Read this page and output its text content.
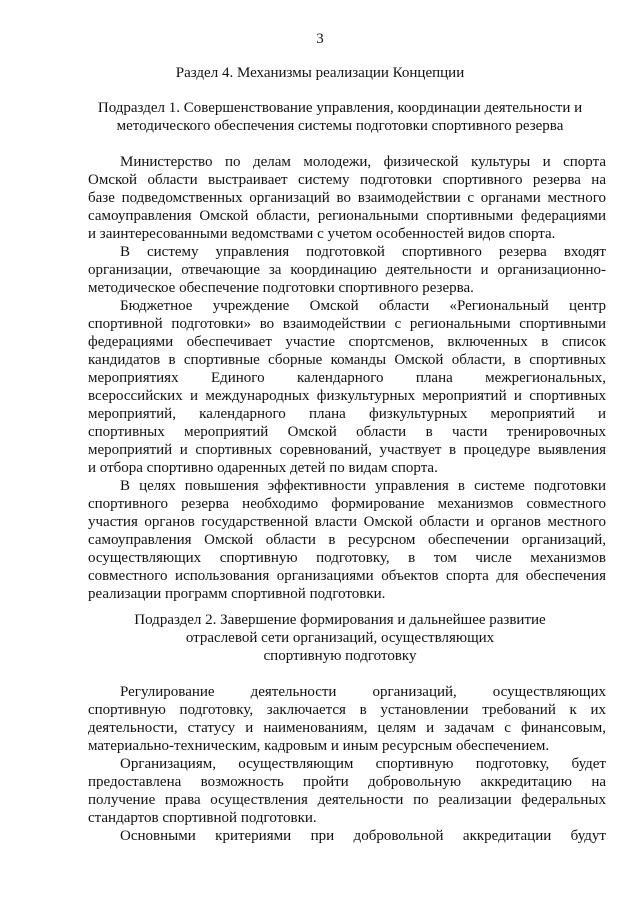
3
Раздел 4. Механизмы реализации Концепции
Подраздел 1. Совершенствование управления, координации деятельности и
методического обеспечения системы подготовки спортивного резерва
Министерство по делам молодежи, физической культуры и спорта
Омской области выстраивает систему подготовки спортивного резерва на
базе подведомственных организаций во взаимодействии с органами местного
самоуправления Омской области, региональными спортивными федерациями
и заинтересованными ведомствами с учетом особенностей видов спорта.
В систему управления подготовкой спортивного резерва входят
организации, отвечающие за координацию деятельности и организационно-
методическое обеспечение подготовки спортивного резерва.
Бюджетное учреждение Омской области «Региональный центр
спортивной подготовки» во взаимодействии с региональными спортивными
федерациями обеспечивает участие спортсменов, включенных в список
кандидатов в спортивные сборные команды Омской области, в спортивных
мероприятиях Единого календарного плана межрегиональных,
всероссийских и международных физкультурных мероприятий и спортивных
мероприятий, календарного плана физкультурных мероприятий и
спортивных мероприятий Омской области в части тренировочных
мероприятий и спортивных соревнований, участвует в процедуре выявления
и отбора спортивно одаренных детей по видам спорта.
В целях повышения эффективности управления в системе подготовки
спортивного резерва необходимо формирование механизмов совместного
участия органов государственной власти Омской области и органов местного
самоуправления Омской области в ресурсном обеспечении организаций,
осуществляющих спортивную подготовку, в том числе механизмов
совместного использования организациями объектов спорта для обеспечения
реализации программ спортивной подготовки.
Подраздел 2. Завершение формирования и дальнейшее развитие
отраслевой сети организаций, осуществляющих
спортивную подготовку
Регулирование деятельности организаций, осуществляющих
спортивную подготовку, заключается в установлении требований к их
деятельности, статусу и наименованиям, целям и задачам с финансовым,
материально-техническим, кадровым и иным ресурсным обеспечением.
Организациям, осуществляющим спортивную подготовку, будет
предоставлена возможность пройти добровольную аккредитацию на
получение права осуществления деятельности по реализации федеральных
стандартов спортивной подготовки.
Основными критериями при добровольной аккредитации будут
